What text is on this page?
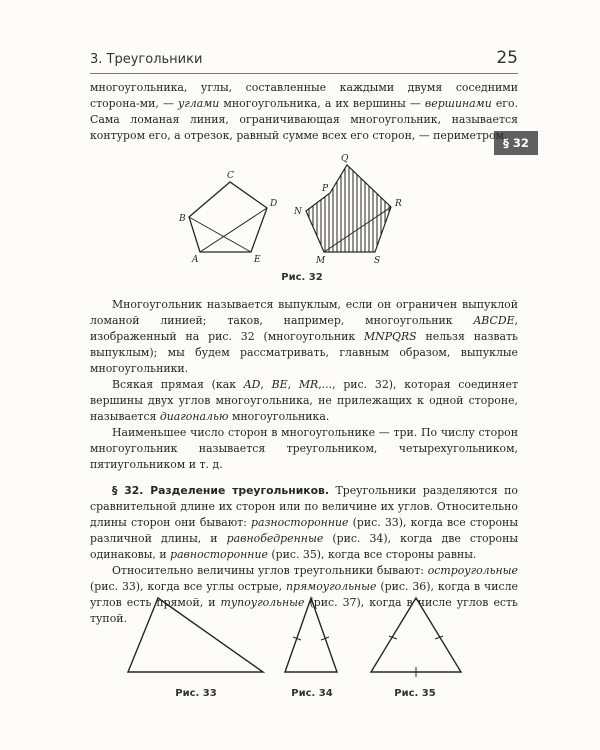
3. Треугольники	25
§ 32

многоугольника, углы, составленные каждыми двумя соседними сторона-ми, — углами многоугольника, а их вершины — вершинами его. Сама ломаная линия, ограничивающая многоугольник, называется контуром его, а отрезок, равный сумме всех его сторон, — периметром.

A
B
C
D
E	M
N
P
Q
R
S
Рис. 32

Многоугольник называется выпуклым, если он ограничен выпуклой ломаной линией; таков, например, многоугольник ABCDE, изображенный на рис. 32 (многоугольник MNPQRS нельзя назвать выпуклым); мы будем рассматривать, главным образом, выпуклые многоугольники.

Всякая прямая (как AD, BE, MR,..., рис. 32), которая соединяет вершины двух углов многоугольника, не прилежащих к одной стороне, называется диагональю многоугольника.

Наименьшее число сторон в многоугольнике — три. По числу сторон многоугольник называется треугольником, четырехугольником, пятиугольником и т. д.

§ 32. Разделение треугольников. Треугольники разделяются по сравнительной длине их сторон или по величине их углов. Относительно длины сторон они бывают: разносторонние (рис. 33), когда все стороны различной длины, и равнобедренные (рис. 34), когда две стороны одинаковы, и равносторонние (рис. 35), когда все стороны равны.

Относительно величины углов треугольники бывают: остроугольные (рис. 33), когда все углы острые, прямоугольные (рис. 36), когда в числе углов есть прямой, и тупоугольные (рис. 37), когда в числе углов есть тупой.

Рис. 33	Рис. 34	Рис. 35
